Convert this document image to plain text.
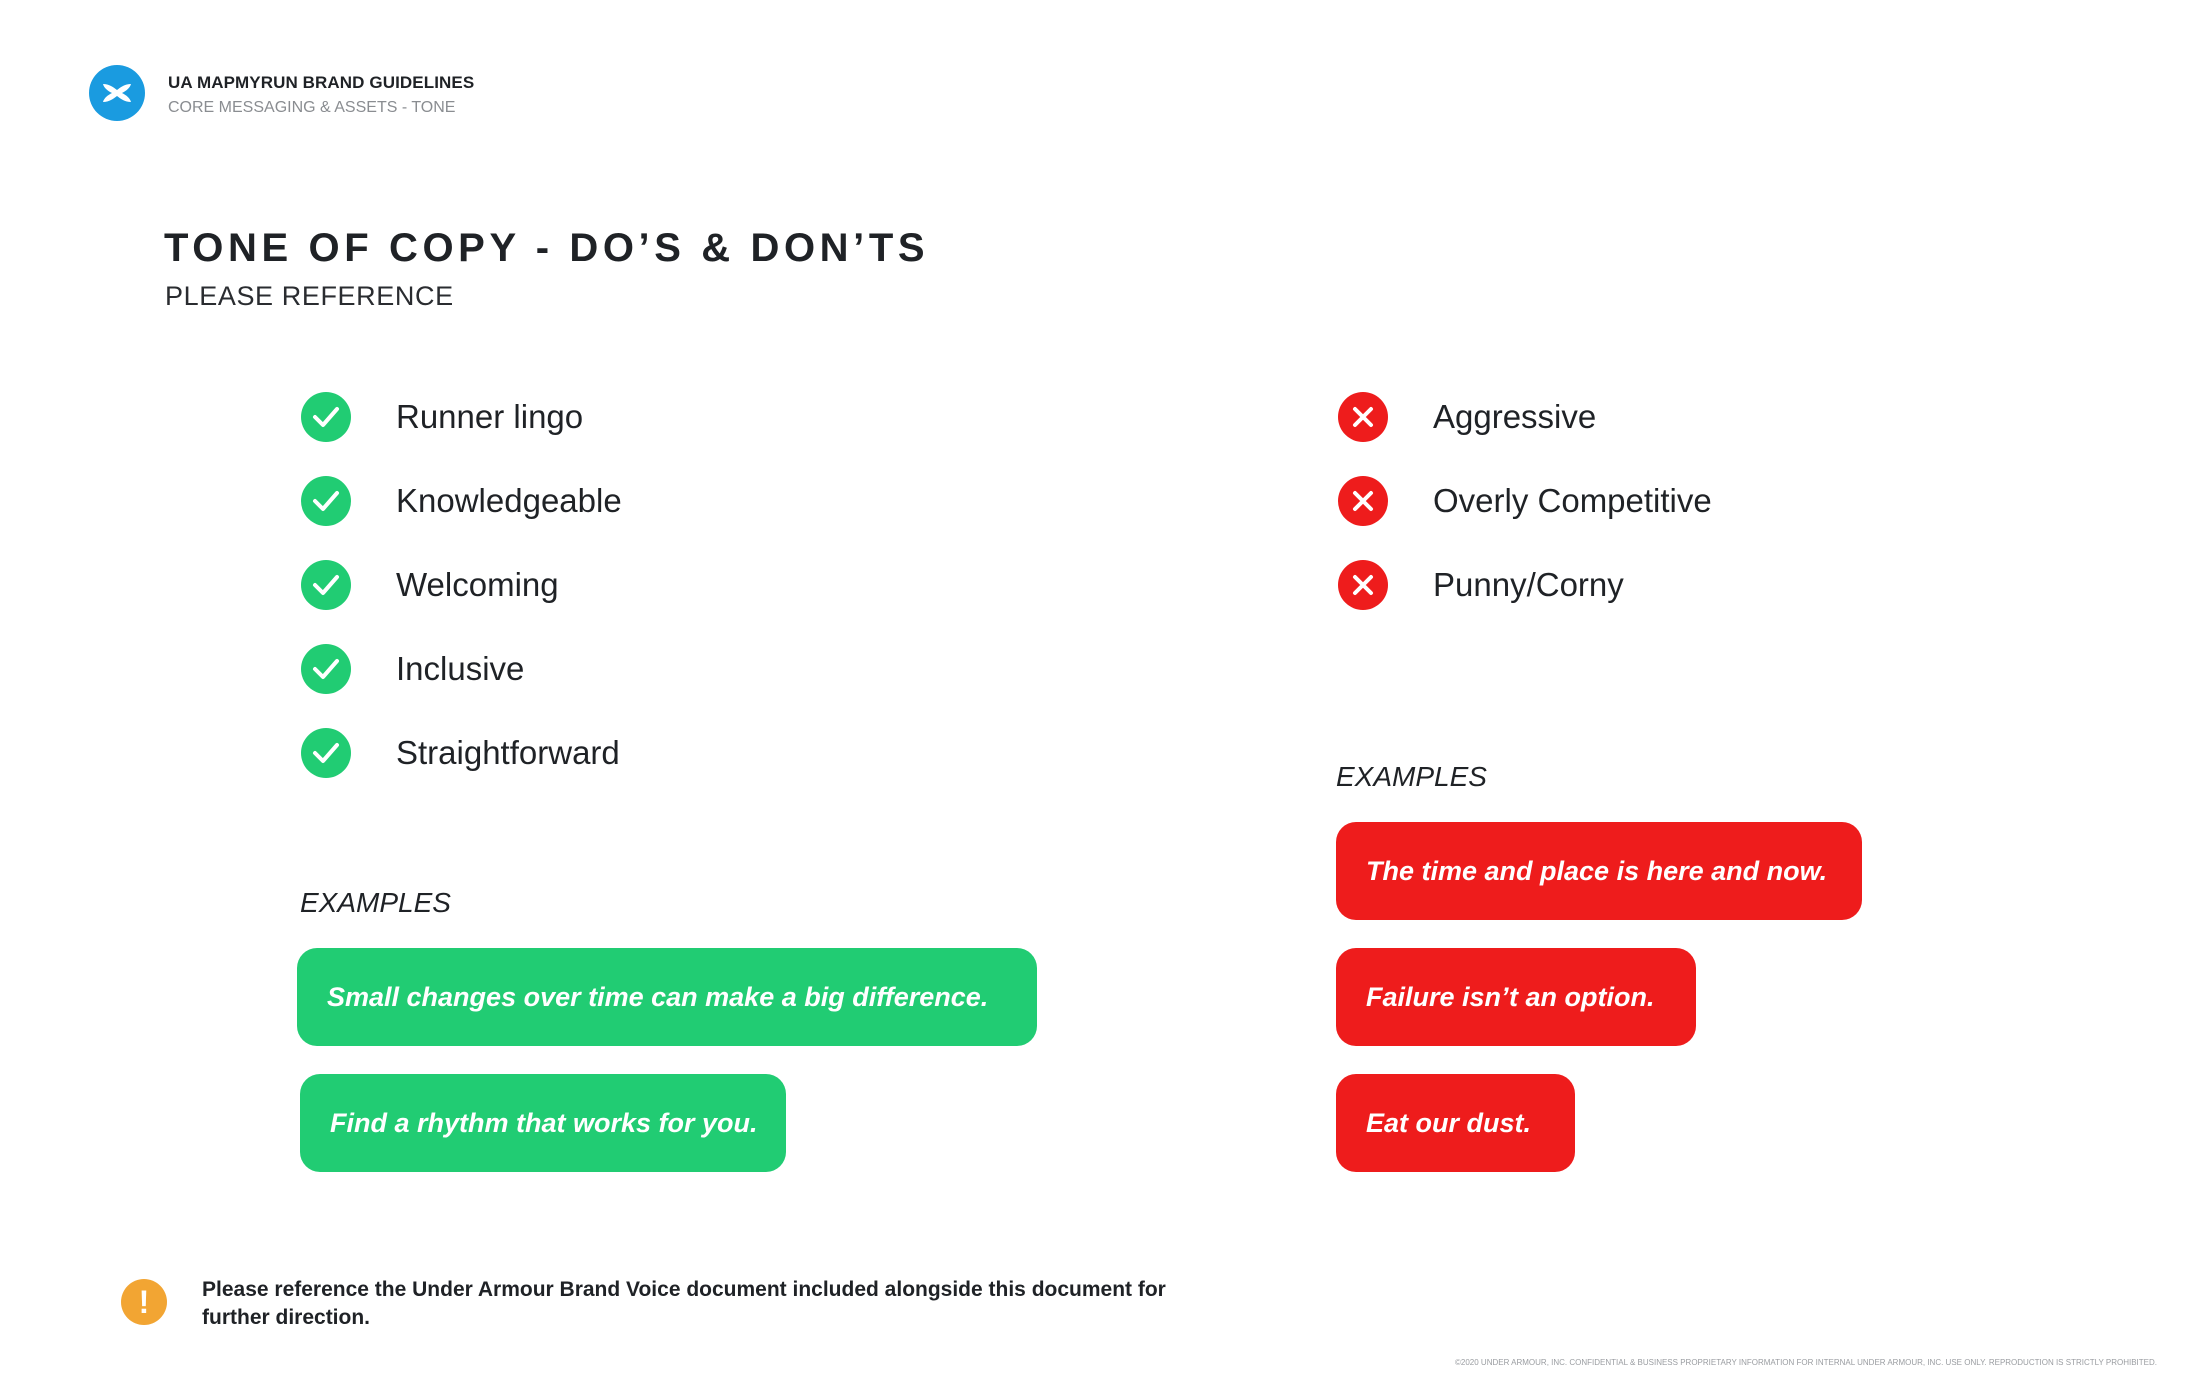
UA MAPMYRUN BRAND GUIDELINES
CORE MESSAGING & ASSETS - TONE
TONE OF COPY - DO’S & DON’TS
PLEASE REFERENCE
Runner lingo
Knowledgeable
Welcoming
Inclusive
Straightforward
Aggressive
Overly Competitive
Punny/Corny
EXAMPLES
EXAMPLES
Small changes over time can make a big difference.
Find a rhythm that works for you.
The time and place is here and now.
Failure isn’t an option.
Eat our dust.
!	Please reference the Under Armour Brand Voice document included alongside this document for further direction.
©2020 UNDER ARMOUR, INC. CONFIDENTIAL & BUSINESS PROPRIETARY INFORMATION FOR INTERNAL UNDER ARMOUR, INC. USE ONLY. REPRODUCTION IS STRICTLY PROHIBITED.
